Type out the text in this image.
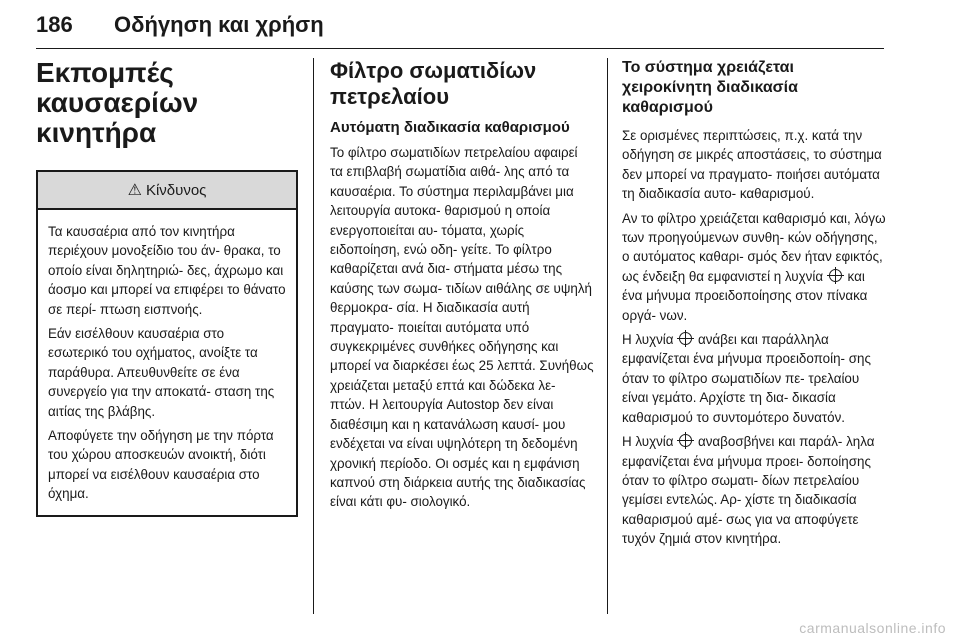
186 Οδήγηση και χρήση
Εκπομπές καυσαερίων κινητήρα
⚠ Κίνδυνος

Τα καυσαέρια από τον κινητήρα περιέχουν μονοξείδιο του άν- θρακα, το οποίο είναι δηλητηριώ- δες, άχρωμο και άοσμο και μπορεί να επιφέρει το θάνατο σε περί- πτωση εισπνοής.

Εάν εισέλθουν καυσαέρια στο εσωτερικό του οχήματος, ανοίξτε τα παράθυρα. Απευθυνθείτε σε ένα συνεργείο για την αποκατά- σταση της αιτίας της βλάβης.

Αποφύγετε την οδήγηση με την πόρτα του χώρου αποσκευών ανοικτή, διότι μπορεί να εισέλθουν καυσαέρια στο όχημα.

Φίλτρο σωματιδίων πετρελαίου
Αυτόματη διαδικασία καθαρισμού

Το φίλτρο σωματιδίων πετρελαίου αφαιρεί τα επιβλαβή σωματίδια αιθά- λης από τα καυσαέρια. Το σύστημα περιλαμβάνει μια λειτουργία αυτοκα- θαρισμού η οποία ενεργοποιείται αυ- τόματα, χωρίς ειδοποίηση, ενώ οδη- γείτε. Το φίλτρο καθαρίζεται ανά δια- στήματα μέσω της καύσης των σωμα- τιδίων αιθάλης σε υψηλή θερμοκρα- σία. Η διαδικασία αυτή πραγματο- ποιείται αυτόματα υπό συγκεκριμένες συνθήκες οδήγησης και μπορεί να διαρκέσει έως 25 λεπτά. Συνήθως χρειάζεται μεταξύ επτά και δώδεκα λε- πτών. Η λειτουργία Autostop δεν είναι διαθέσιμη και η κατανάλωση καυσί- μου ενδέχεται να είναι υψηλότερη τη δεδομένη χρονική περίοδο. Οι οσμές και η εμφάνιση καπνού στη διάρκεια αυτής της διαδικασίας είναι κάτι φυ- σιολογικό.

Το σύστημα χρειάζεται χειροκίνητη διαδικασία καθαρισμού

Σε ορισμένες περιπτώσεις, π.χ. κατά την οδήγηση σε μικρές αποστάσεις, το σύστημα δεν μπορεί να πραγματο- ποιήσει αυτόματα τη διαδικασία αυτο- καθαρισμού.

Αν το φίλτρο χρειάζεται καθαρισμό και, λόγω των προηγούμενων συνθη- κών οδήγησης, ο αυτόματος καθαρι- σμός δεν ήταν εφικτός, ως ένδειξη θα εμφανιστεί η λυχνία και ένα μήνυμα προειδοποίησης στον πίνακα οργά- νων.

Η λυχνία ανάβει και παράλληλα εμφανίζεται ένα μήνυμα προειδοποίη- σης όταν το φίλτρο σωματιδίων πε- τρελαίου είναι γεμάτο. Αρχίστε τη δια- δικασία καθαρισμού το συντομότερο δυνατόν.

Η λυχνία αναβοσβήνει και παράλ- ληλα εμφανίζεται ένα μήνυμα προει- δοποίησης όταν το φίλτρο σωματι- δίων πετρελαίου γεμίσει εντελώς. Αρ- χίστε τη διαδικασία καθαρισμού αμέ- σως για να αποφύγετε τυχόν ζημιά στον κινητήρα.

carmanualsonline.info
